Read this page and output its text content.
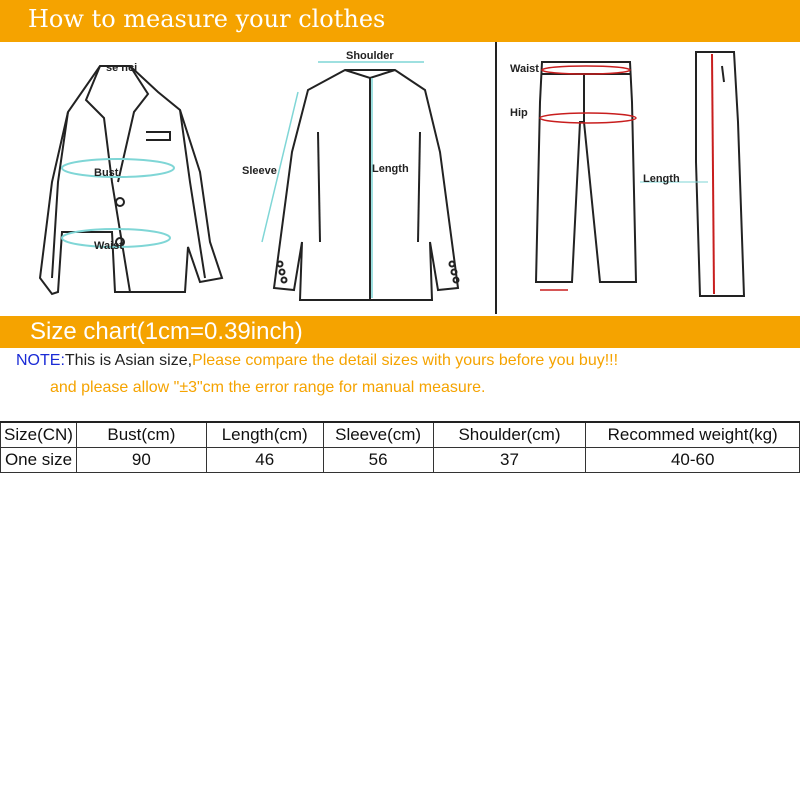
How to measure your clothes
se nci
Bust
Waist
Shoulder
Sleeve	Length
Waist
Hip
Length
Size chart(1cm=0.39inch)
NOTE:This is Asian size,Please compare the detail sizes with yours before you buy!!!
and please allow "±3"cm the error range for manual measure.
Size(CN)	Bust(cm)	Length(cm)	Sleeve(cm)	Shoulder(cm)	Recommed weight(kg)
One size	90	46	56	37	40-60
